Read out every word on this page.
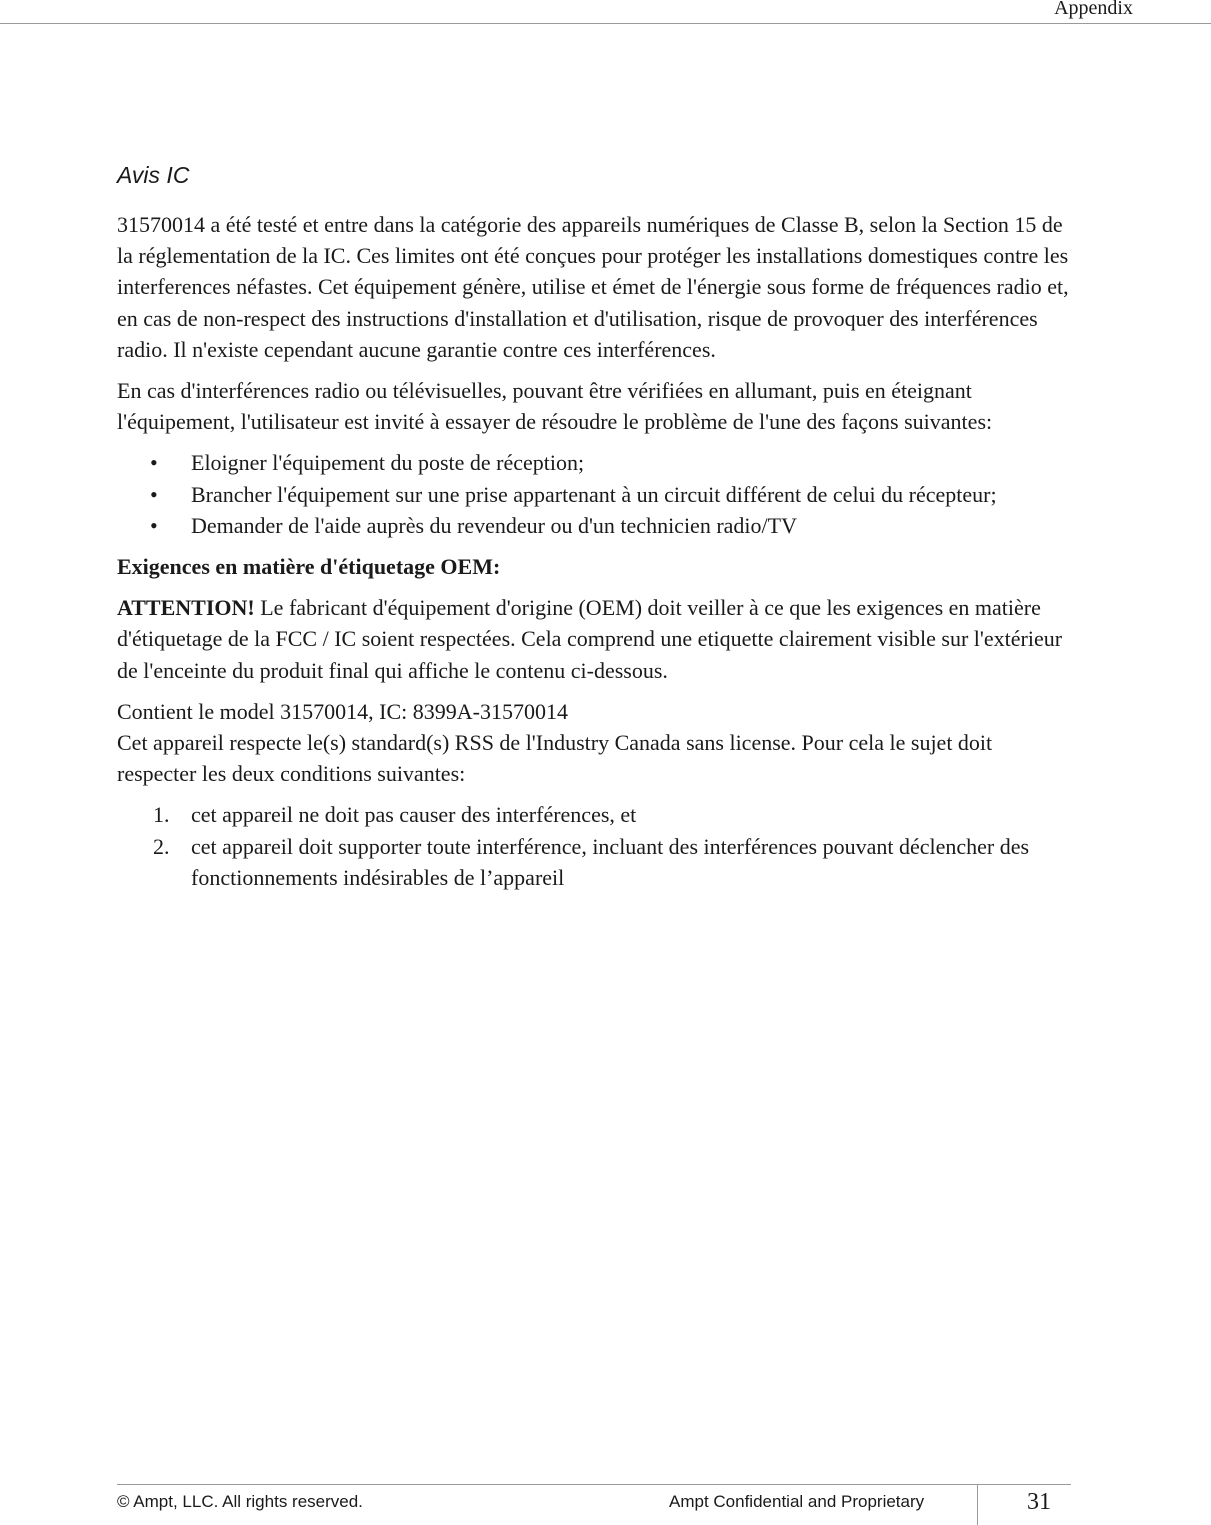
Appendix
Avis IC

31570014 a été testé et entre dans la catégorie des appareils numériques de Classe B, selon la Section 15 de la réglementation de la IC. Ces limites ont été conçues pour protéger les installations domestiques contre les interferences néfastes. Cet équipement génère, utilise et émet de l'énergie sous forme de fréquences radio et, en cas de non-respect des instructions d'installation et d'utilisation, risque de provoquer des interférences radio. Il n'existe cependant aucune garantie contre ces interférences.

En cas d'interférences radio ou télévisuelles, pouvant être vérifiées en allumant, puis en éteignant l'équipement, l'utilisateur est invité à essayer de résoudre le problème de l'une des façons suivantes:

• Eloigner l'équipement du poste de réception;
• Brancher l'équipement sur une prise appartenant à un circuit différent de celui du récepteur;
• Demander de l'aide auprès du revendeur ou d'un technicien radio/TV

Exigences en matière d'étiquetage OEM:

ATTENTION! Le fabricant d'équipement d'origine (OEM) doit veiller à ce que les exigences en matière d'étiquetage de la FCC / IC soient respectées. Cela comprend une etiquette clairement visible sur l'extérieur de l'enceinte du produit final qui affiche le contenu ci-dessous.

Contient le model 31570014, IC: 8399A-31570014
Cet appareil respecte le(s) standard(s) RSS de l'Industry Canada sans license. Pour cela le sujet doit respecter les deux conditions suivantes:

1. cet appareil ne doit pas causer des interférences, et
2. cet appareil doit supporter toute interférence, incluant des interférences pouvant déclencher des fonctionnements indésirables de l’appareil
© Ampt, LLC. All rights reserved.	Ampt Confidential and Proprietary	31
